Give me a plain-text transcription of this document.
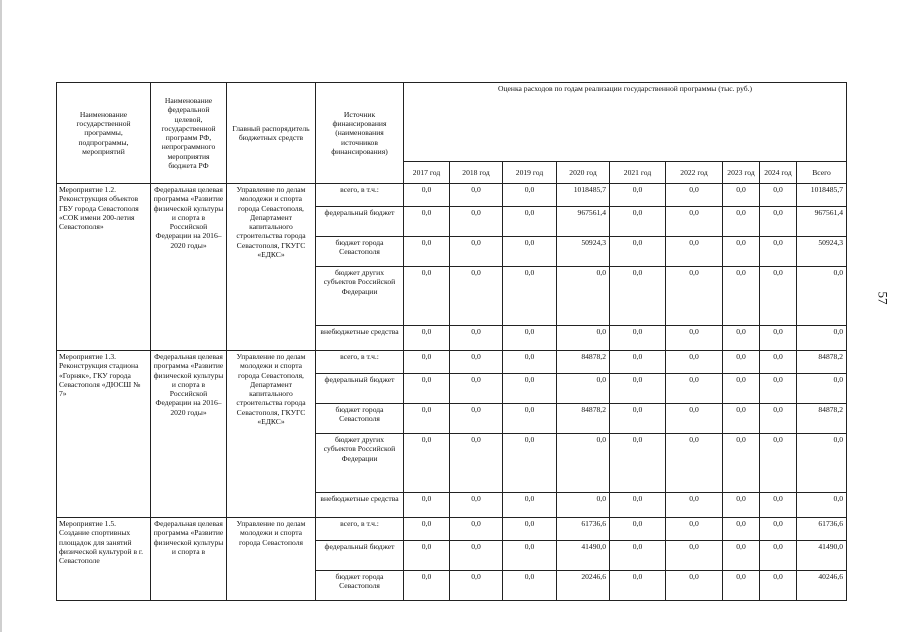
Наименование государственной программы, подпрограммы, мероприятий	Наименование федеральной целевой, государственной программ РФ, непрограммного мероприятия бюджета РФ	Главный распорядитель бюджетных средств	Источник финансирования (наименования источников финансирования)	Оценка расходов по годам реализации государственной программы (тыс. руб.)								
				2017 год	2018 год	2019 год	2020 год	2021 год	2022 год	2023 год	2024 год	Всего
Мероприятие 1.2. Реконструкция объектов ГБУ города Севастополя «СОК имени 200-летия Севастополя»	Федеральная целевая программа «Развитие физической культуры и спорта в Российской Федерации на 2016–2020 годы»	Управление по делам молодежи и спорта города Севастополя, Департамент капитального строительства города Севастополя, ГКУГС «ЕДКС»	всего, в т.ч.:	0,0	0,0	0,0	1018485,7	0,0	0,0	0,0	0,0	1018485,7
			федеральный бюджет	0,0	0,0	0,0	967561,4	0,0	0,0	0,0	0,0	967561,4
			бюджет города Севастополя	0,0	0,0	0,0	50924,3	0,0	0,0	0,0	0,0	50924,3
			бюджет других субъектов Российской Федерации	0,0	0,0	0,0	0,0	0,0	0,0	0,0	0,0	0,0
			внебюджетные средства	0,0	0,0	0,0	0,0	0,0	0,0	0,0	0,0	0,0
Мероприятие 1.3. Реконструкция стадиона «Горняк», ГКУ города Севастополя «ДЮСШ № 7»	Федеральная целевая программа «Развитие физической культуры и спорта в Российской Федерации на 2016–2020 годы»	Управление по делам молодежи и спорта города Севастополя, Департамент капитального строительства города Севастополя, ГКУГС «ЕДКС»	всего, в т.ч.:	0,0	0,0	0,0	84878,2	0,0	0,0	0,0	0,0	84878,2
			федеральный бюджет	0,0	0,0	0,0	0,0	0,0	0,0	0,0	0,0	0,0
			бюджет города Севастополя	0,0	0,0	0,0	84878,2	0,0	0,0	0,0	0,0	84878,2
			бюджет других субъектов Российской Федерации	0,0	0,0	0,0	0,0	0,0	0,0	0,0	0,0	0,0
			внебюджетные средства	0,0	0,0	0,0	0,0	0,0	0,0	0,0	0,0	0,0
Мероприятие 1.5. Создание спортивных площадок для занятий физической культурой в г. Севастополе	Федеральная целевая программа «Развитие физической культуры и спорта в	Управление по делам молодежи и спорта города Севастополя	всего, в т.ч.:	0,0	0,0	0,0	61736,6	0,0	0,0	0,0	0,0	61736,6
			федеральный бюджет	0,0	0,0	0,0	41490,0	0,0	0,0	0,0	0,0	41490,0
			бюджет города Севастополя	0,0	0,0	0,0	20246,6	0,0	0,0	0,0	0,0	40246,6
57
